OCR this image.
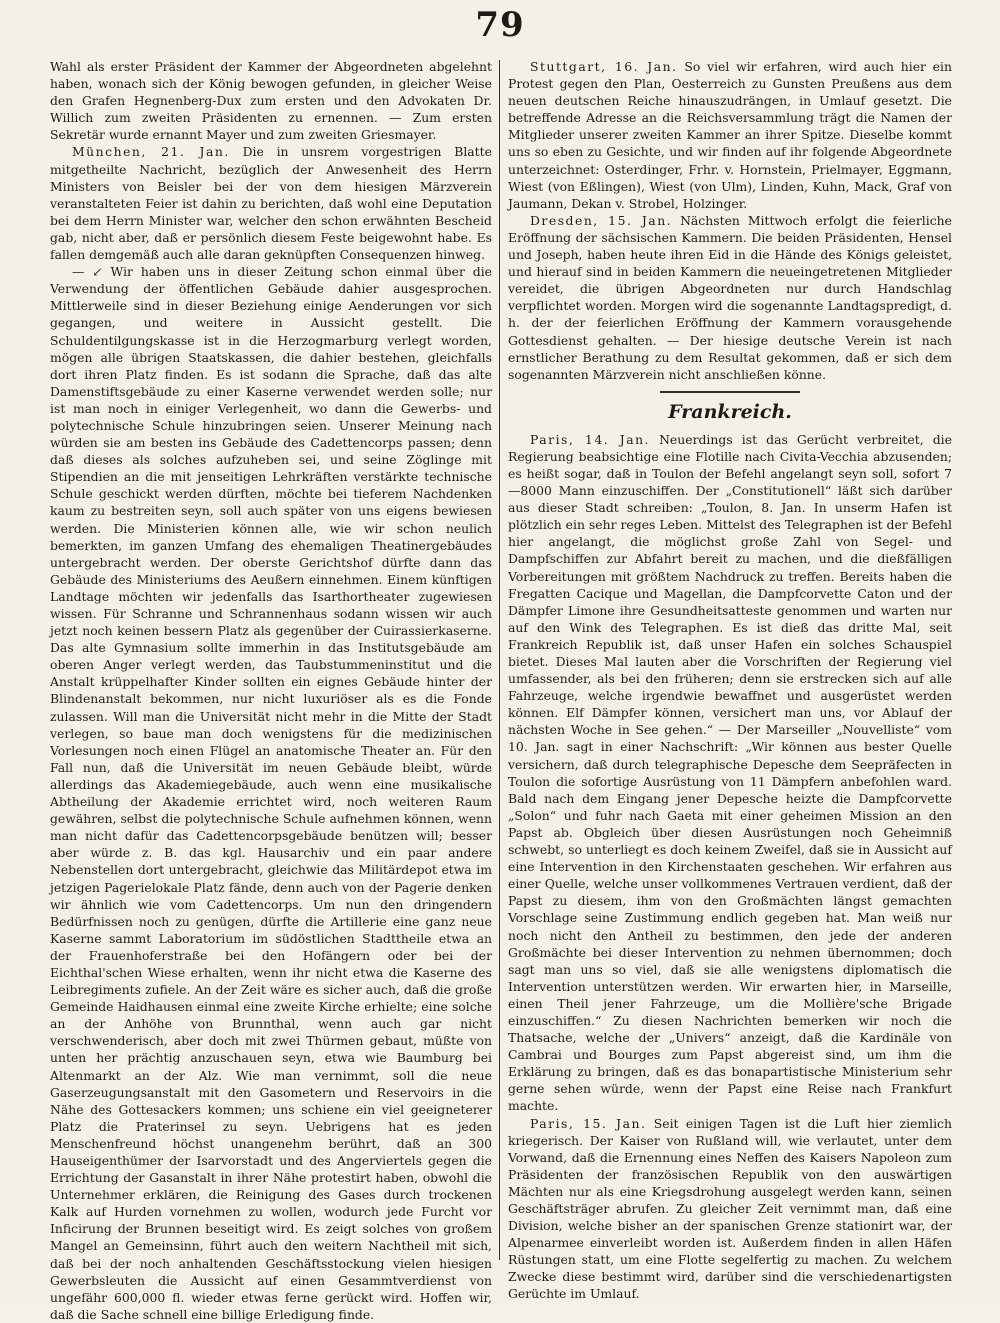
79

Wahl als erster Präsident der Kammer der Abgeordneten abgelehnt haben, wonach sich der König bewogen gefunden, in gleicher Weise den Grafen Hegnenberg-Dux zum ersten und den Advokaten Dr. Willich zum zweiten Präsidenten zu ernennen. — Zum ersten Sekretär wurde ernannt Mayer und zum zweiten Griesmayer.

München, 21. Jan. Die in unsrem vorgestrigen Blatte mitgetheilte Nachricht, bezüglich der Anwesenheit des Herrn Ministers von Beisler bei der von dem hiesigen Märzverein veranstalteten Feier ist dahin zu berichten, daß wohl eine Deputation bei dem Herrn Minister war, welcher den schon erwähnten Bescheid gab, nicht aber, daß er persönlich diesem Feste beigewohnt habe. Es fallen demgemäß auch alle daran geknüpften Consequenzen hinweg.

— ↙ Wir haben uns in dieser Zeitung schon einmal über die Verwendung der öffentlichen Gebäude dahier ausgesprochen. Mittlerweile sind in dieser Beziehung einige Aenderungen vor sich gegangen, und weitere in Aussicht gestellt. Die Schuldentilgungskasse ist in die Herzogmarburg verlegt worden, mögen alle übrigen Staatskassen, die dahier bestehen, gleichfalls dort ihren Platz finden. Es ist sodann die Sprache, daß das alte Damenstiftsgebäude zu einer Kaserne verwendet werden solle; nur ist man noch in einiger Verlegenheit, wo dann die Gewerbs- und polytechnische Schule hinzubringen seien. Unserer Meinung nach würden sie am besten ins Gebäude des Cadettencorps passen; denn daß dieses als solches aufzuheben sei, und seine Zöglinge mit Stipendien an die mit jenseitigen Lehrkräften verstärkte technische Schule geschickt werden dürften, möchte bei tieferem Nachdenken kaum zu bestreiten seyn, soll auch später von uns eigens bewiesen werden. Die Ministerien können alle, wie wir schon neulich bemerkten, im ganzen Umfang des ehemaligen Theatinergebäudes untergebracht werden. Der oberste Gerichtshof dürfte dann das Gebäude des Ministeriums des Aeußern einnehmen. Einem künftigen Landtage möchten wir jedenfalls das Isarthortheater zugewiesen wissen. Für Schranne und Schrannenhaus sodann wissen wir auch jetzt noch keinen bessern Platz als gegenüber der Cuirassierkaserne. Das alte Gymnasium sollte immerhin in das Institutsgebäude am oberen Anger verlegt werden, das Taubstummeninstitut und die Anstalt krüppelhafter Kinder sollten ein eignes Gebäude hinter der Blindenanstalt bekommen, nur nicht luxuriöser als es die Fonde zulassen. Will man die Universität nicht mehr in die Mitte der Stadt verlegen, so baue man doch wenigstens für die medizinischen Vorlesungen noch einen Flügel an anatomische Theater an. Für den Fall nun, daß die Universität im neuen Gebäude bleibt, würde allerdings das Akademiegebäude, auch wenn eine musikalische Abtheilung der Akademie errichtet wird, noch weiteren Raum gewähren, selbst die polytechnische Schule aufnehmen können, wenn man nicht dafür das Cadettencorpsgebäude benützen will; besser aber würde z. B. das kgl. Hausarchiv und ein paar andere Nebenstellen dort untergebracht, gleichwie das Militärdepot etwa im jetzigen Pagerielokale Platz fände, denn auch von der Pagerie denken wir ähnlich wie vom Cadettencorps. Um nun den dringendern Bedürfnissen noch zu genügen, dürfte die Artillerie eine ganz neue Kaserne sammt Laboratorium im südöstlichen Stadttheile etwa an der Frauenhoferstraße bei den Hofängern oder bei der Eichthal'schen Wiese erhalten, wenn ihr nicht etwa die Kaserne des Leibregiments zufiele. An der Zeit wäre es sicher auch, daß die große Gemeinde Haidhausen einmal eine zweite Kirche erhielte; eine solche an der Anhöhe von Brunnthal, wenn auch gar nicht verschwenderisch, aber doch mit zwei Thürmen gebaut, müßte von unten her prächtig anzuschauen seyn, etwa wie Baumburg bei Altenmarkt an der Alz. Wie man vernimmt, soll die neue Gaserzeugungsanstalt mit den Gasometern und Reservoirs in die Nähe des Gottesackers kommen; uns schiene ein viel geeigneterer Platz die Praterinsel zu seyn. Uebrigens hat es jeden Menschenfreund höchst unangenehm berührt, daß an 300 Hauseigenthümer der Isarvorstadt und des Angerviertels gegen die Errichtung der Gasanstalt in ihrer Nähe protestirt haben, obwohl die Unternehmer erklären, die Reinigung des Gases durch trockenen Kalk auf Hurden vornehmen zu wollen, wodurch jede Furcht vor Inficirung der Brunnen beseitigt wird. Es zeigt solches von großem Mangel an Gemeinsinn, führt auch den weitern Nachtheil mit sich, daß bei der noch anhaltenden Geschäftsstockung vielen hiesigen Gewerbsleuten die Aussicht auf einen Gesammtverdienst von ungefähr 600,000 fl. wieder etwas ferne gerückt wird. Hoffen wir, daß die Sache schnell eine billige Erledigung finde.

Stuttgart, 16. Jan. So viel wir erfahren, wird auch hier ein Protest gegen den Plan, Oesterreich zu Gunsten Preußens aus dem neuen deutschen Reiche hinauszudrängen, in Umlauf gesetzt. Die betreffende Adresse an die Reichsversammlung trägt die Namen der Mitglieder unserer zweiten Kammer an ihrer Spitze. Dieselbe kommt uns so eben zu Gesichte, und wir finden auf ihr folgende Abgeordnete unterzeichnet: Osterdinger, Frhr. v. Hornstein, Prielmayer, Eggmann, Wiest (von Eßlingen), Wiest (von Ulm), Linden, Kuhn, Mack, Graf von Jaumann, Dekan v. Strobel, Holzinger.

Dresden, 15. Jan. Nächsten Mittwoch erfolgt die feierliche Eröffnung der sächsischen Kammern. Die beiden Präsidenten, Hensel und Joseph, haben heute ihren Eid in die Hände des Königs geleistet, und hierauf sind in beiden Kammern die neueingetretenen Mitglieder vereidet, die übrigen Abgeordneten nur durch Handschlag verpflichtet worden. Morgen wird die sogenannte Landtagspredigt, d. h. der der feierlichen Eröffnung der Kammern vorausgehende Gottesdienst gehalten. — Der hiesige deutsche Verein ist nach ernstlicher Berathung zu dem Resultat gekommen, daß er sich dem sogenannten Märzverein nicht anschließen könne.

Frankreich.

Paris, 14. Jan. Neuerdings ist das Gerücht verbreitet, die Regierung beabsichtige eine Flotille nach Civita-Vecchia abzusenden; es heißt sogar, daß in Toulon der Befehl angelangt seyn soll, sofort 7—8000 Mann einzuschiffen. Der „Constitutionell“ läßt sich darüber aus dieser Stadt schreiben: „Toulon, 8. Jan. In unserm Hafen ist plötzlich ein sehr reges Leben. Mittelst des Telegraphen ist der Befehl hier angelangt, die möglichst große Zahl von Segel- und Dampfschiffen zur Abfahrt bereit zu machen, und die dießfälligen Vorbereitungen mit größtem Nachdruck zu treffen. Bereits haben die Fregatten Cacique und Magellan, die Dampfcorvette Caton und der Dämpfer Limone ihre Gesundheitsatteste genommen und warten nur auf den Wink des Telegraphen. Es ist dieß das dritte Mal, seit Frankreich Republik ist, daß unser Hafen ein solches Schauspiel bietet. Dieses Mal lauten aber die Vorschriften der Regierung viel umfassender, als bei den früheren; denn sie erstrecken sich auf alle Fahrzeuge, welche irgendwie bewaffnet und ausgerüstet werden können. Elf Dämpfer können, versichert man uns, vor Ablauf der nächsten Woche in See gehen.“ — Der Marseiller „Nouvelliste“ vom 10. Jan. sagt in einer Nachschrift: „Wir können aus bester Quelle versichern, daß durch telegraphische Depesche dem Seepräfecten in Toulon die sofortige Ausrüstung von 11 Dämpfern anbefohlen ward. Bald nach dem Eingang jener Depesche heizte die Dampfcorvette „Solon“ und fuhr nach Gaeta mit einer geheimen Mission an den Papst ab. Obgleich über diesen Ausrüstungen noch Geheimniß schwebt, so unterliegt es doch keinem Zweifel, daß sie in Aussicht auf eine Intervention in den Kirchenstaaten geschehen. Wir erfahren aus einer Quelle, welche unser vollkommenes Vertrauen verdient, daß der Papst zu diesem, ihm von den Großmächten längst gemachten Vorschlage seine Zustimmung endlich gegeben hat. Man weiß nur noch nicht den Antheil zu bestimmen, den jede der anderen Großmächte bei dieser Intervention zu nehmen übernommen; doch sagt man uns so viel, daß sie alle wenigstens diplomatisch die Intervention unterstützen werden. Wir erwarten hier, in Marseille, einen Theil jener Fahrzeuge, um die Mollière'sche Brigade einzuschiffen.“ Zu diesen Nachrichten bemerken wir noch die Thatsache, welche der „Univers“ anzeigt, daß die Kardinäle von Cambrai und Bourges zum Papst abgereist sind, um ihm die Erklärung zu bringen, daß es das bonapartistische Ministerium sehr gerne sehen würde, wenn der Papst eine Reise nach Frankfurt machte.

Paris, 15. Jan. Seit einigen Tagen ist die Luft hier ziemlich kriegerisch. Der Kaiser von Rußland will, wie verlautet, unter dem Vorwand, daß die Ernennung eines Neffen des Kaisers Napoleon zum Präsidenten der französischen Republik von den auswärtigen Mächten nur als eine Kriegsdrohung ausgelegt werden kann, seinen Geschäftsträger abrufen. Zu gleicher Zeit vernimmt man, daß eine Division, welche bisher an der spanischen Grenze stationirt war, der Alpenarmee einverleibt worden ist. Außerdem finden in allen Häfen Rüstungen statt, um eine Flotte segelfertig zu machen. Zu welchem Zwecke diese bestimmt wird, darüber sind die verschiedenartigsten Gerüchte im Umlauf.
